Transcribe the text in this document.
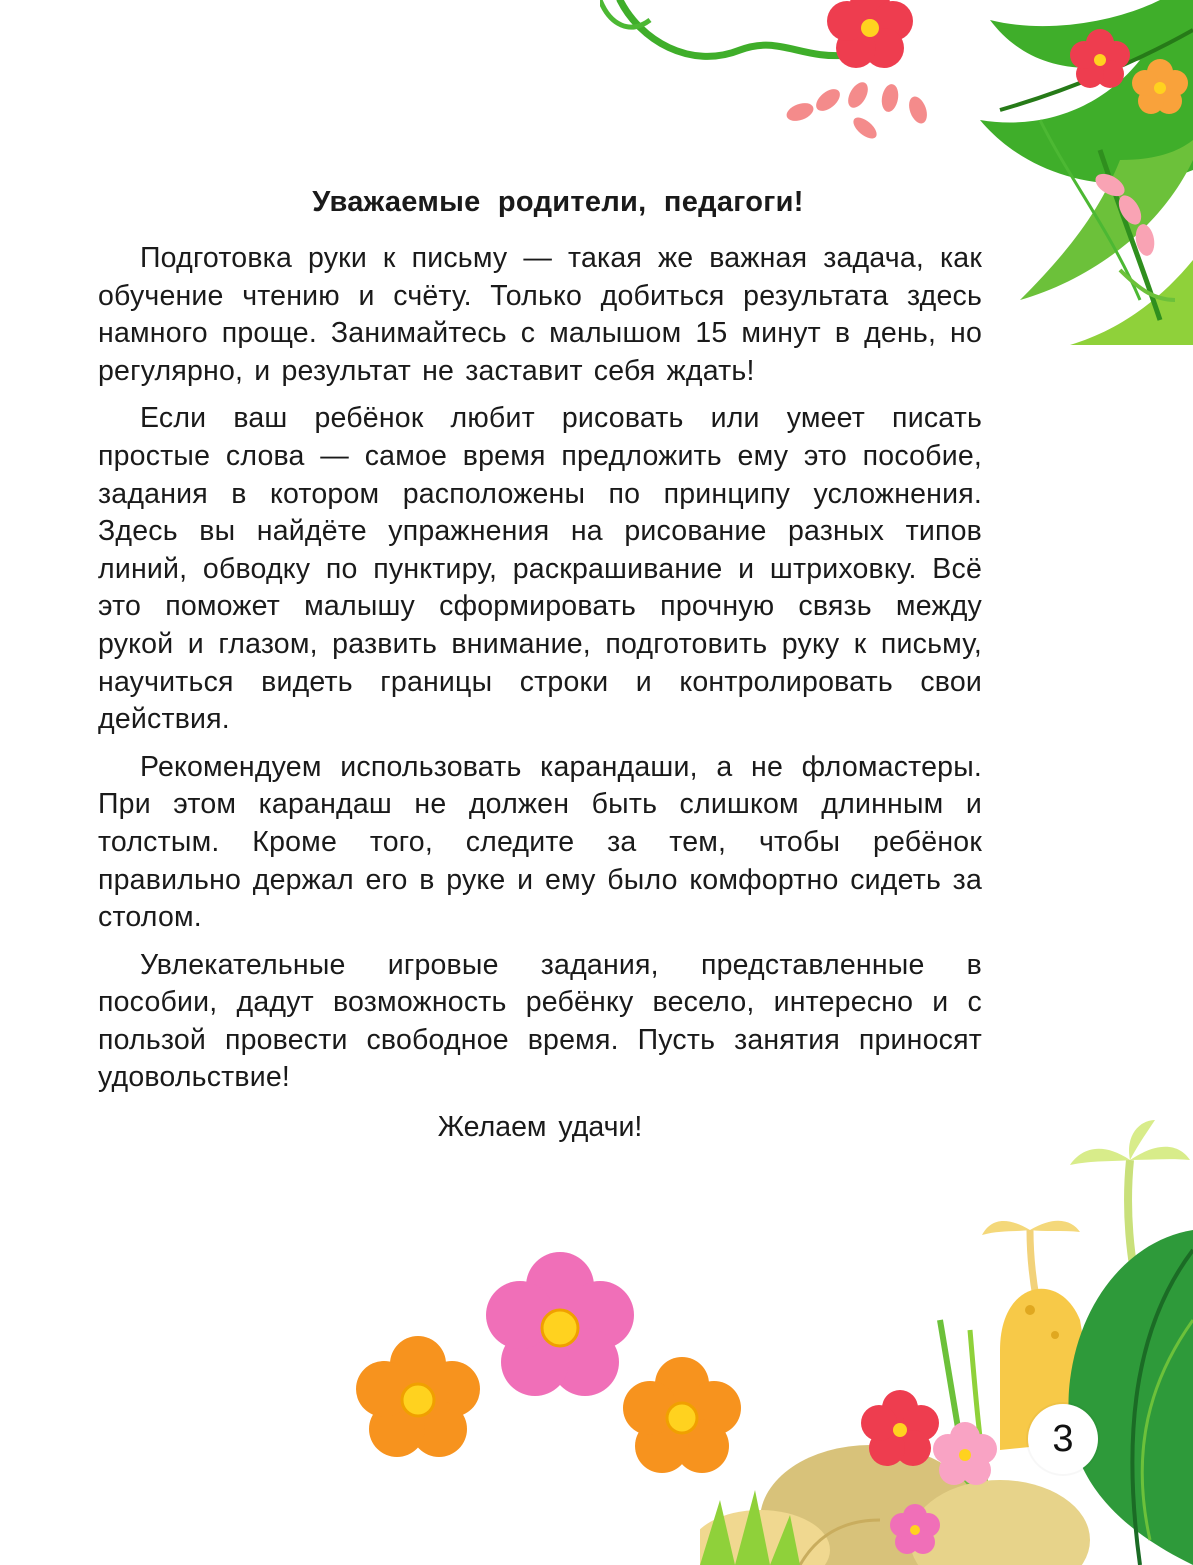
Уважаемые родители, педагоги!

Подготовка руки к письму — такая же важная задача, как обучение чтению и счёту. Только добиться результата здесь намного проще. Занимайтесь с малышом 15 минут в день, но регулярно, и результат не заставит себя ждать!

Если ваш ребёнок любит рисовать или умеет писать простые слова — самое время предложить ему это пособие, задания в котором расположены по принципу усложнения. Здесь вы найдёте упражнения на рисование разных типов линий, обводку по пунктиру, раскрашивание и штриховку. Всё это поможет малышу сформировать прочную связь между рукой и глазом, развить внимание, подготовить руку к письму, научиться видеть границы строки и контролировать свои действия.

Рекомендуем использовать карандаши, а не фломастеры. При этом карандаш не должен быть слишком длинным и толстым. Кроме того, следите за тем, чтобы ребёнок правильно держал его в руке и ему было комфортно сидеть за столом.

Увлекательные игровые задания, представленные в пособии, дадут возможность ребёнку весело, интересно и с пользой провести свободное время. Пусть занятия приносят удовольствие!

Желаем удачи!

3
